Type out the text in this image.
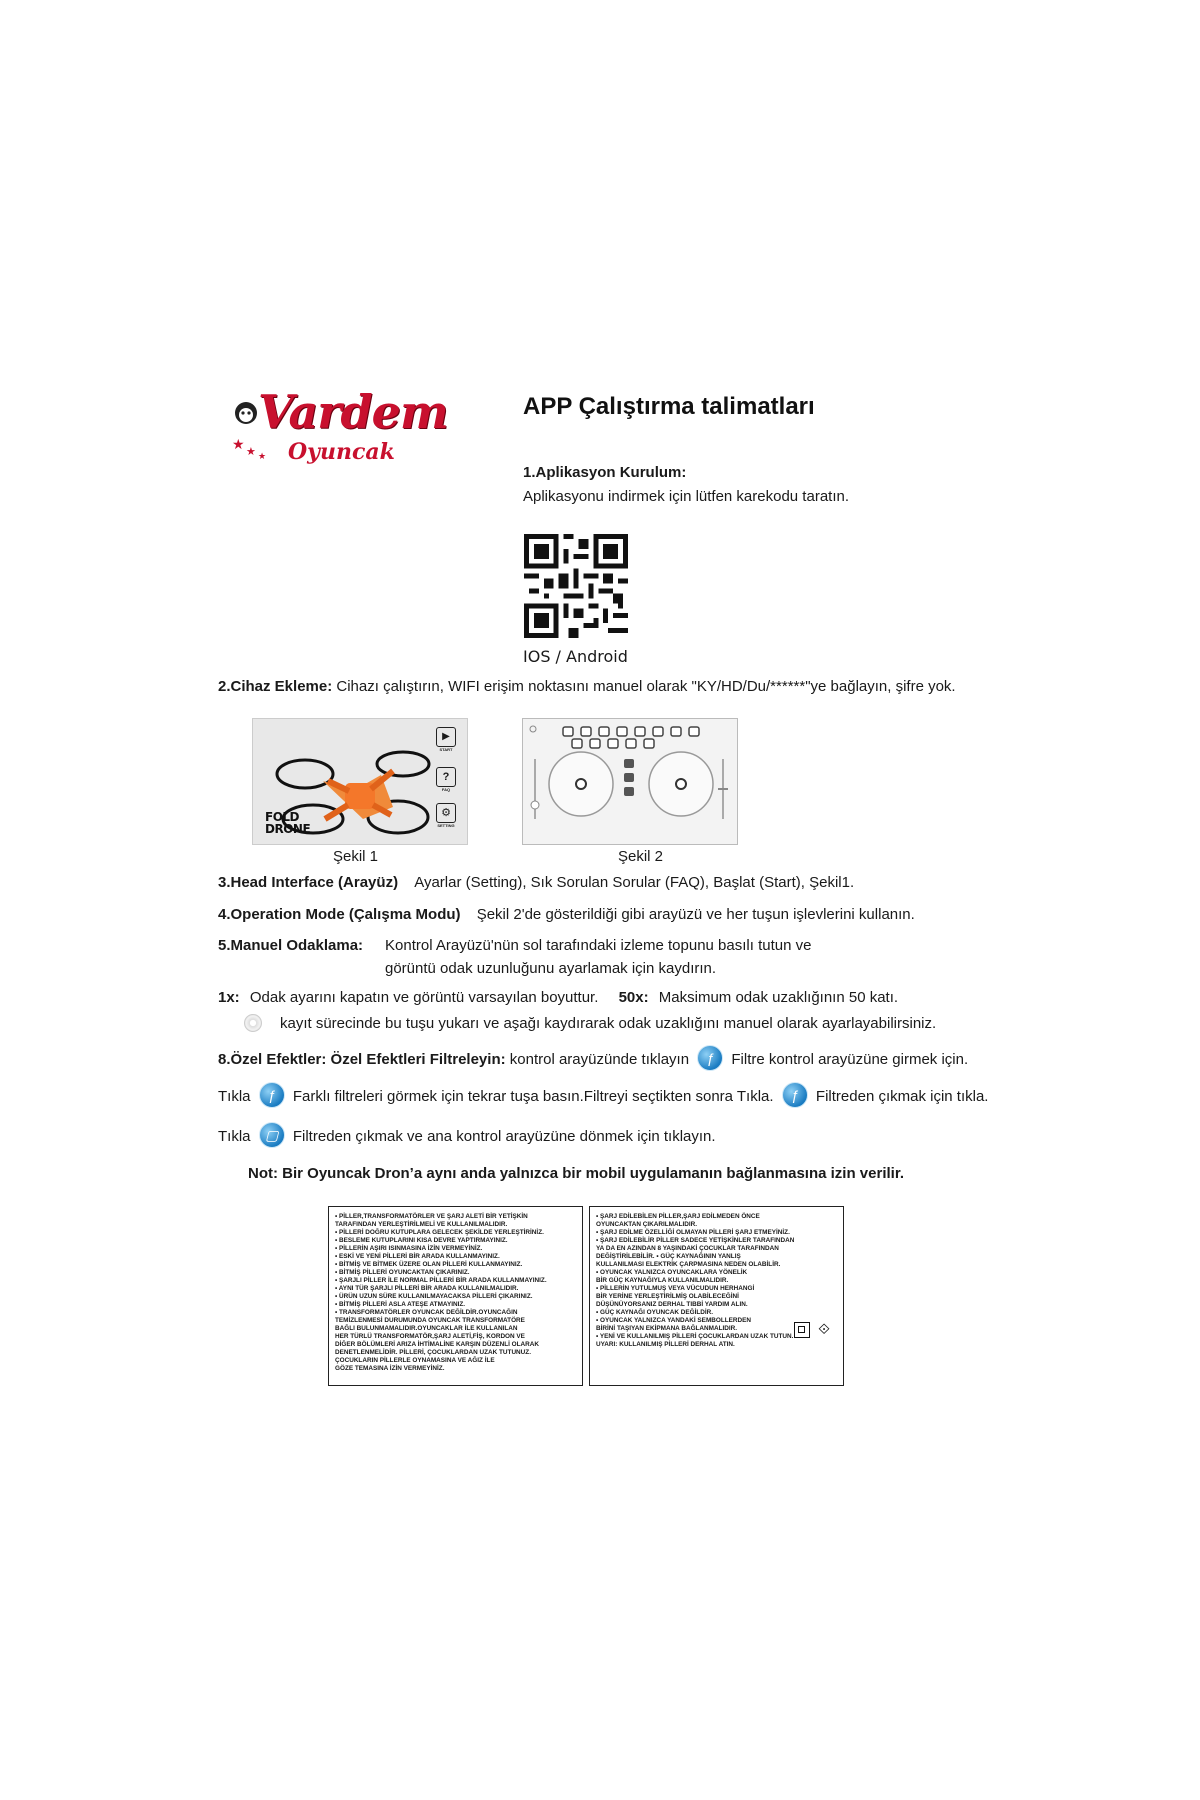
★ ★ ★
Vardem
Oyuncak
APP Çalıştırma talimatları
1.Aplikasyon Kurulum:
Aplikasyonu indirmek için lütfen karekodu taratın.
IOS / Android
2.Cihaz Ekleme: Cihazı çalıştırın, WIFI erişim noktasını manuel olarak "KY/HD/Du/******"ye bağlayın, şifre yok.
FOLD
DRONE
▶
START
?
FAQ
⚙
SETTING
Şekil 1	Şekil 2
3.Head Interface (Arayüz) Ayarlar (Setting), Sık Sorulan Sorular (FAQ), Başlat (Start), Şekil1.
4.Operation Mode (Çalışma Modu) Şekil 2'de gösterildiği gibi arayüzü ve her tuşun işlevlerini kullanın.
5.Manuel Odaklama: Kontrol Arayüzü'nün sol tarafındaki izleme topunu basılı tutun ve
görüntü odak uzunluğunu ayarlamak için kaydırın.
1x: Odak ayarını kapatın ve görüntü varsayılan boyuttur. 50x: Maksimum odak uzaklığının 50 katı.
kayıt sürecinde bu tuşu yukarı ve aşağı kaydırarak odak uzaklığını manuel olarak ayarlayabilirsiniz.
8.Özel Efektler: Özel Efektleri Filtreleyin: kontrol arayüzünde tıklayın ƒ Filtre kontrol arayüzüne girmek için.
Tıkla ƒ Farklı filtreleri görmek için tekrar tuşa basın.Filtreyi seçtikten sonra Tıkla. ƒ Filtreden çıkmak için tıkla.
Tıkla ▢ Filtreden çıkmak ve ana kontrol arayüzüne dönmek için tıklayın.
Not: Bir Oyuncak Dron’a aynı anda yalnızca bir mobil uygulamanın bağlanmasına izin verilir.
• PİLLER,TRANSFORMATÖRLER VE ŞARJ ALETİ BİR YETİŞKİN
TARAFINDAN YERLEŞTİRİLMELİ VE KULLANILMALIDIR.
• PİLLERİ DOĞRU KUTUPLARA GELECEK ŞEKİLDE YERLEŞTİRİNİZ.
• BESLEME KUTUPLARINI KISA DEVRE YAPTIRMAYINIZ.
• PİLLERİN AŞIRI ISINMASINA İZİN VERMEYİNİZ.
• ESKİ VE YENİ PİLLERİ BİR ARADA KULLANMAYINIZ.
• BİTMİŞ VE BİTMEK ÜZERE OLAN PİLLERİ KULLANMAYINIZ.
• BİTMİŞ PİLLERİ OYUNCAKTAN ÇIKARINIZ.
• ŞARJLI PİLLER İLE NORMAL PİLLERİ BİR ARADA KULLANMAYINIZ.
• AYNI TÜR ŞARJLI PİLLERİ BİR ARADA KULLANILMALIDIR.
• ÜRÜN UZUN SÜRE KULLANILMAYACAKSA PİLLERİ ÇIKARINIZ.
• BİTMİŞ PİLLERİ ASLA ATEŞE ATMAYINIZ.
• TRANSFORMATÖRLER OYUNCAK DEĞİLDİR.OYUNCAĞIN
TEMİZLENMESİ DURUMUNDA OYUNCAK TRANSFORMATÖRE
BAĞLI BULUNMAMALIDIR.OYUNCAKLAR İLE KULLANILAN
HER TÜRLÜ TRANSFORMATÖR,ŞARJ ALETİ,FİŞ, KORDON VE
DİĞER BÖLÜMLERİ ARIZA İHTİMALİNE KARŞIN DÜZENLİ OLARAK
DENETLENMELİDİR. PİLLERİ, ÇOCUKLARDAN UZAK TUTUNUZ.
ÇOCUKLARIN PİLLERLE OYNAMASINA VE AĞIZ İLE
GÖZE TEMASINA İZİN VERMEYİNİZ.
• ŞARJ EDİLEBİLEN PİLLER,ŞARJ EDİLMEDEN ÖNCE
OYUNCAKTAN ÇIKARILMALIDIR.
• ŞARJ EDİLME ÖZELLİĞİ OLMAYAN PİLLERİ ŞARJ ETMEYİNİZ.
• ŞARJ EDİLEBİLİR PİLLER SADECE YETİŞKİNLER TARAFINDAN
YA DA EN AZINDAN 8 YAŞINDAKİ ÇOCUKLAR TARAFINDAN
DEĞİŞTİRİLEBİLİR. • GÜÇ KAYNAĞININ YANLIŞ
KULLANILMASI ELEKTRİK ÇARPMASINA NEDEN OLABİLİR.
• OYUNCAK YALNIZCA OYUNCAKLARA YÖNELİK
BİR GÜÇ KAYNAĞIYLA KULLANILMALIDIR.
• PİLLERİN YUTULMUŞ VEYA VÜCUDUN HERHANGİ
BİR YERİNE YERLEŞTİRİLMİŞ OLABİLECEĞİNİ
DÜŞÜNÜYORSANIZ DERHAL TIBBİ YARDIM ALIN.
• GÜÇ KAYNAĞI OYUNCAK DEĞİLDİR.
• OYUNCAK YALNIZCA YANDAKİ SEMBOLLERDEN
BİRİNİ TAŞIYAN EKİPMANA BAĞLANMALIDIR.
• YENİ VE KULLANILMIŞ PİLLERİ ÇOCUKLARDAN UZAK TUTUN.
UYARI: KULLANILMIŞ PİLLERİ DERHAL ATIN.
⟐
